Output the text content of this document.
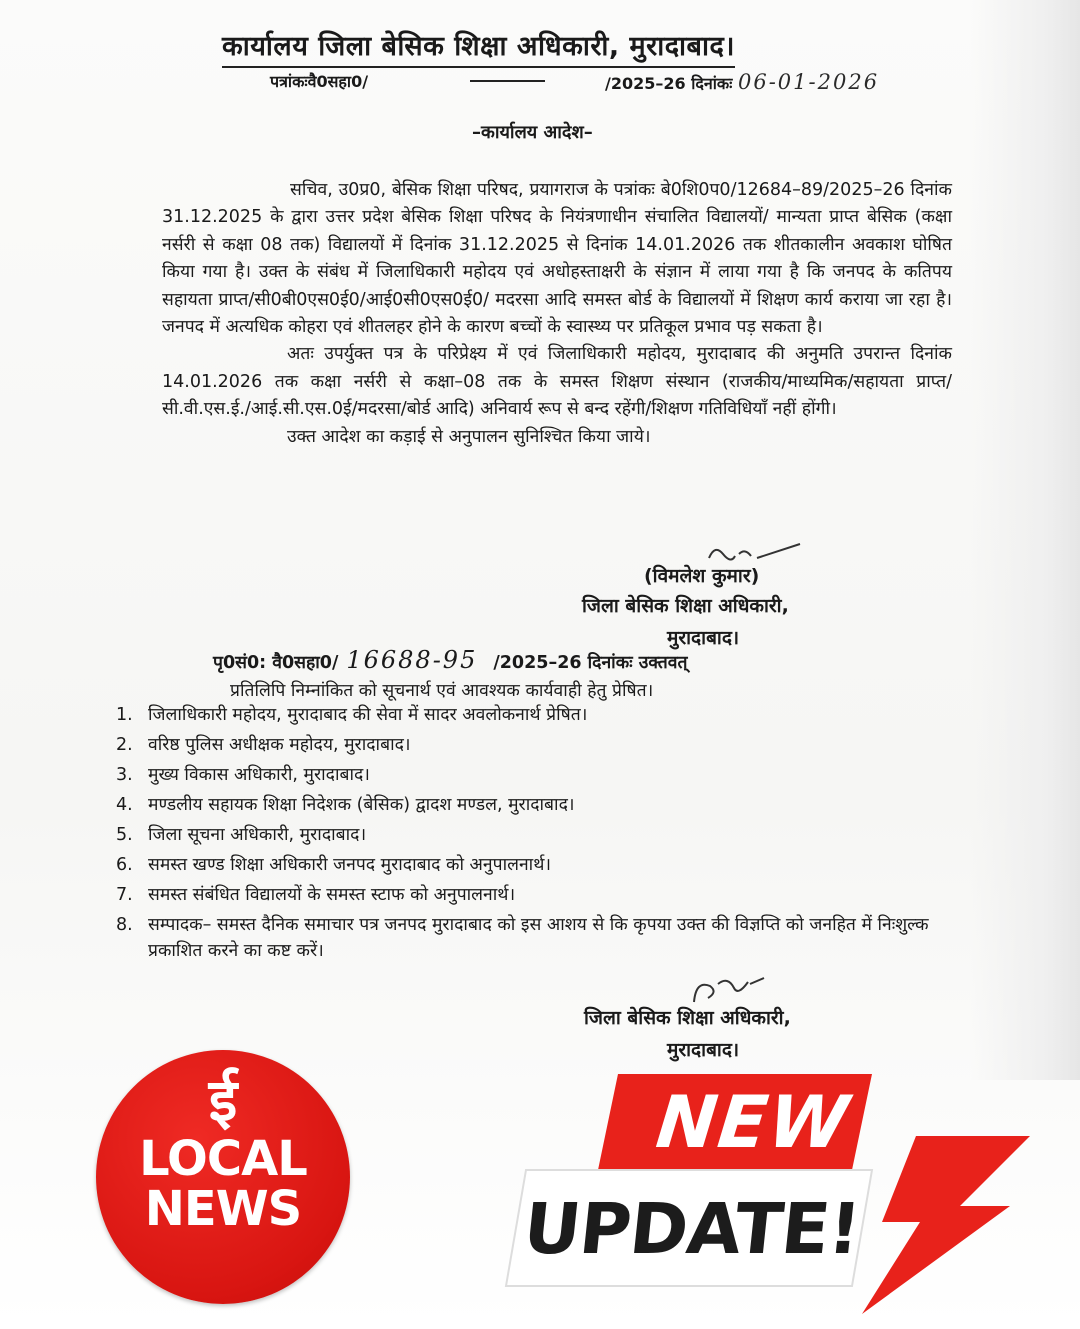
कार्यालय जिला बेसिक शिक्षा अधिकारी, मुरादाबाद।
पत्रांकःवै0सहा0/	/2025–26 दिनांकः 06-01-2026
–कार्यालय आदेश–

सचिव, उ0प्र0, बेसिक शिक्षा परिषद, प्रयागराज के पत्रांकः बे0शि0प0/12684–89/2025–26 दिनांक 31.12.2025 के द्वारा उत्तर प्रदेश बेसिक शिक्षा परिषद के नियंत्रणाधीन संचालित विद्यालयों/ मान्यता प्राप्त बेसिक (कक्षा नर्सरी से कक्षा 08 तक) विद्यालयों में दिनांक 31.12.2025 से दिनांक 14.01.2026 तक शीतकालीन अवकाश घोषित किया गया है। उक्त के संबंध में जिलाधिकारी महोदय एवं अधोहस्ताक्षरी के संज्ञान में लाया गया है कि जनपद के कतिपय सहायता प्राप्त/सी0बी0एस0ई0/आई0सी0एस0ई0/ मदरसा आदि समस्त बोर्ड के विद्यालयों में शिक्षण कार्य कराया जा रहा है। जनपद में अत्यधिक कोहरा एवं शीतलहर होने के कारण बच्चों के स्वास्थ्य पर प्रतिकूल प्रभाव पड़ सकता है।

अतः उपर्युक्त पत्र के परिप्रेक्ष्य में एवं जिलाधिकारी महोदय, मुरादाबाद की अनुमति उपरान्त दिनांक 14.01.2026 तक कक्षा नर्सरी से कक्षा–08 तक के समस्त शिक्षण संस्थान (राजकीय/माध्यमिक/सहायता प्राप्त/सी.वी.एस.ई./आई.सी.एस.0ई/मदरसा/बोर्ड आदि) अनिवार्य रूप से बन्द रहेंगी/शिक्षण गतिविधियाँ नहीं होंगी।

उक्त आदेश का कड़ाई से अनुपालन सुनिश्चित किया जाये।

(विमलेश कुमार)
जिला बेसिक शिक्षा अधिकारी,
मुरादाबाद।
पृ0सं0: वै0सहा0/ 16688-95 /2025–26 दिनांकः उक्तवत्
प्रतिलिपि निम्नांकित को सूचनार्थ एवं आवश्यक कार्यवाही हेतु प्रेषित।
1. जिलाधिकारी महोदय, मुरादाबाद की सेवा में सादर अवलोकनार्थ प्रेषित।
2. वरिष्ठ पुलिस अधीक्षक महोदय, मुरादाबाद।
3. मुख्य विकास अधिकारी, मुरादाबाद।
4. मण्डलीय सहायक शिक्षा निदेशक (बेसिक) द्वादश मण्डल, मुरादाबाद।
5. जिला सूचना अधिकारी, मुरादाबाद।
6. समस्त खण्ड शिक्षा अधिकारी जनपद मुरादाबाद को अनुपालनार्थ।
7. समस्त संबंधित विद्यालयों के समस्त स्टाफ को अनुपालनार्थ।
8. सम्पादक– समस्त दैनिक समाचार पत्र जनपद मुरादाबाद को इस आशय से कि कृपया उक्त की विज्ञप्ति को जनहित में निःशुल्क प्रकाशित करने का कष्ट करें।
जिला बेसिक शिक्षा अधिकारी,
मुरादाबाद।
ई
LOCAL
NEWS
NEW
UPDATE!
